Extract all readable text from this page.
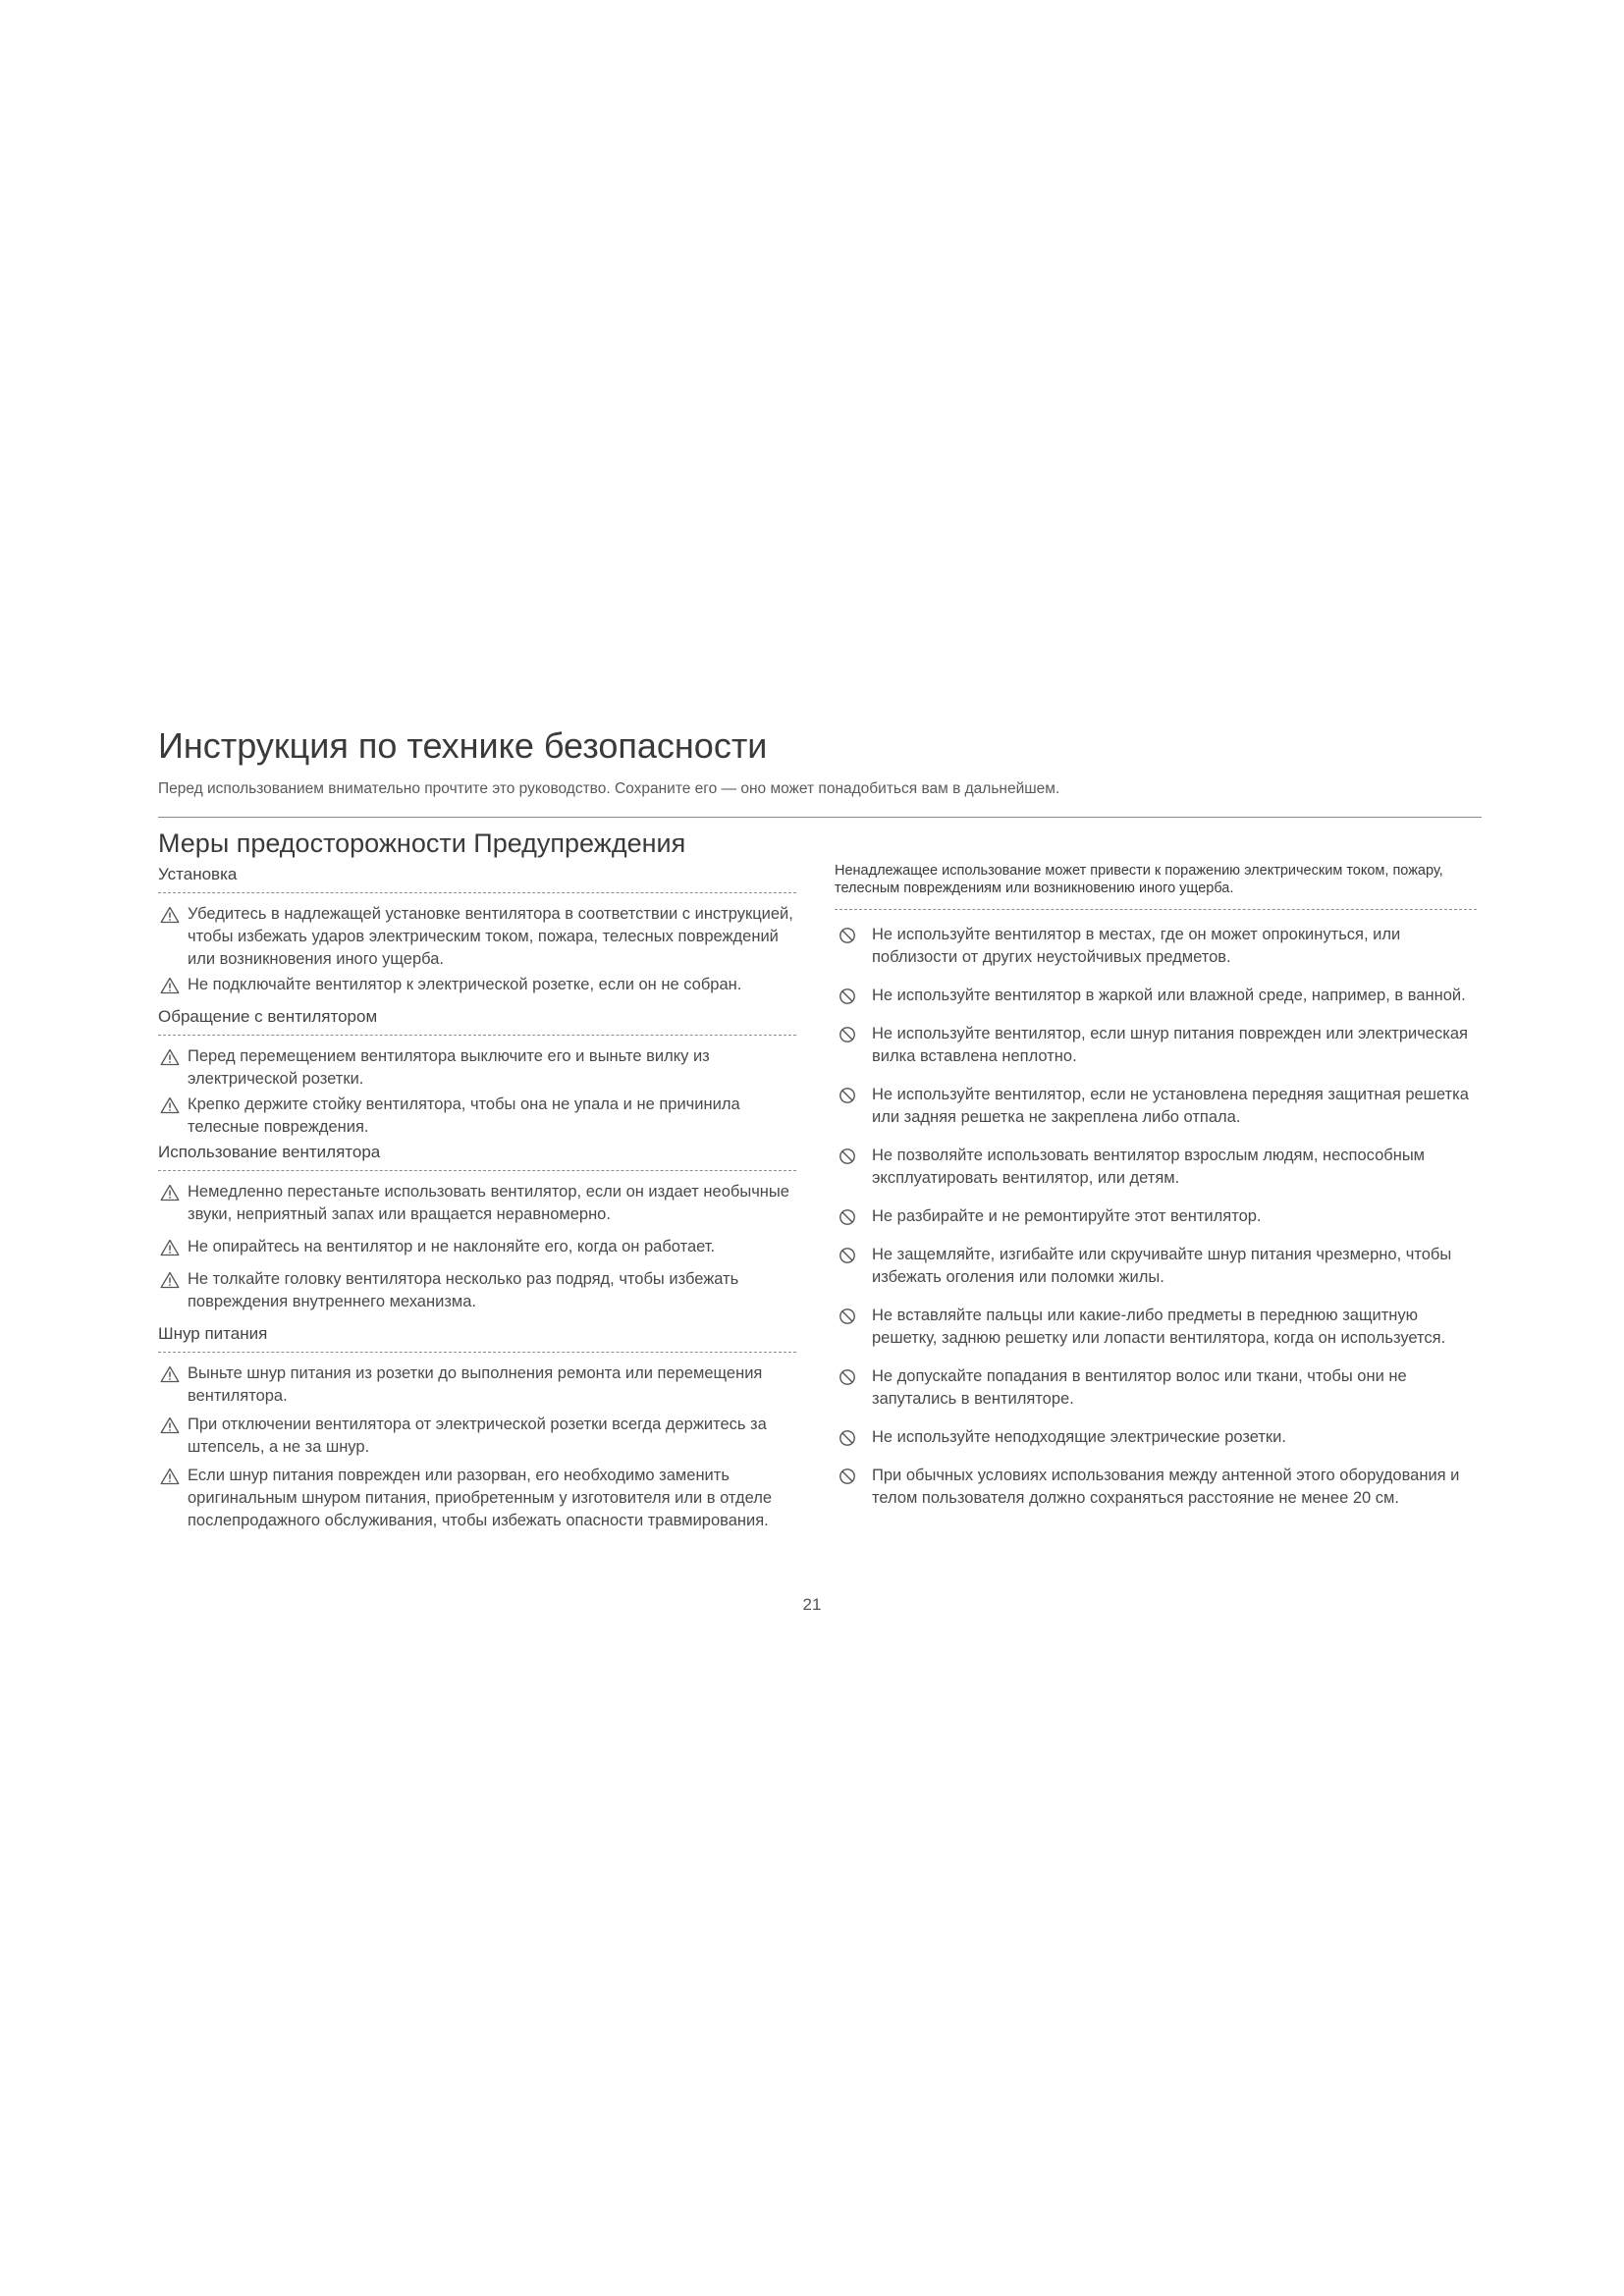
Инструкция по технике безопасности
Перед использованием внимательно прочтите это руководство. Сохраните его — оно может понадобиться вам в дальнейшем.
Меры предосторожности Предупреждения
Установка
Убедитесь в надлежащей установке вентилятора в соответствии с инструкцией, чтобы избежать ударов электрическим током, пожара, телесных повреждений или возникновения иного ущерба.
Не подключайте вентилятор к электрической розетке, если он не собран.
Обращение с вентилятором
Перед перемещением вентилятора выключите его и выньте вилку из электрической розетки.
Крепко держите стойку вентилятора, чтобы она не упала и не причинила телесные повреждения.
Использование вентилятора
Немедленно перестаньте использовать вентилятор, если он издает необычные звуки, неприятный запах или вращается неравномерно.
Не опирайтесь на вентилятор и не наклоняйте его, когда он работает.
Не толкайте головку вентилятора несколько раз подряд, чтобы избежать повреждения внутреннего механизма.
Шнур питания
Выньте шнур питания из розетки до выполнения ремонта или перемещения вентилятора.
При отключении вентилятора от электрической розетки всегда держитесь за штепсель, а не за шнур.
Если шнур питания поврежден или разорван, его необходимо заменить оригинальным шнуром питания, приобретенным у изготовителя или в отделе послепродажного обслуживания, чтобы избежать опасности травмирования.
Ненадлежащее использование может привести к поражению электрическим током, пожару, телесным повреждениям или возникновению иного ущерба.
Не используйте вентилятор в местах, где он может опрокинуться, или поблизости от других неустойчивых предметов.
Не используйте вентилятор в жаркой или влажной среде, например, в ванной.
Не используйте вентилятор, если шнур питания поврежден или электрическая вилка вставлена неплотно.
Не используйте вентилятор, если не установлена передняя защитная решетка или задняя решетка не закреплена либо отпала.
Не позволяйте использовать вентилятор взрослым людям, неспособным эксплуатировать вентилятор, или детям.
Не разбирайте и не ремонтируйте этот вентилятор.
Не защемляйте, изгибайте или скручивайте шнур питания чрезмерно, чтобы избежать оголения или поломки жилы.
Не вставляйте пальцы или какие-либо предметы в переднюю защитную решетку, заднюю решетку или лопасти вентилятора, когда он используется.
Не допускайте попадания в вентилятор волос или ткани, чтобы они не запутались в вентиляторе.
Не используйте неподходящие электрические розетки.
При обычных условиях использования между антенной этого оборудования и телом пользователя должно сохраняться расстояние не менее 20 см.
21
